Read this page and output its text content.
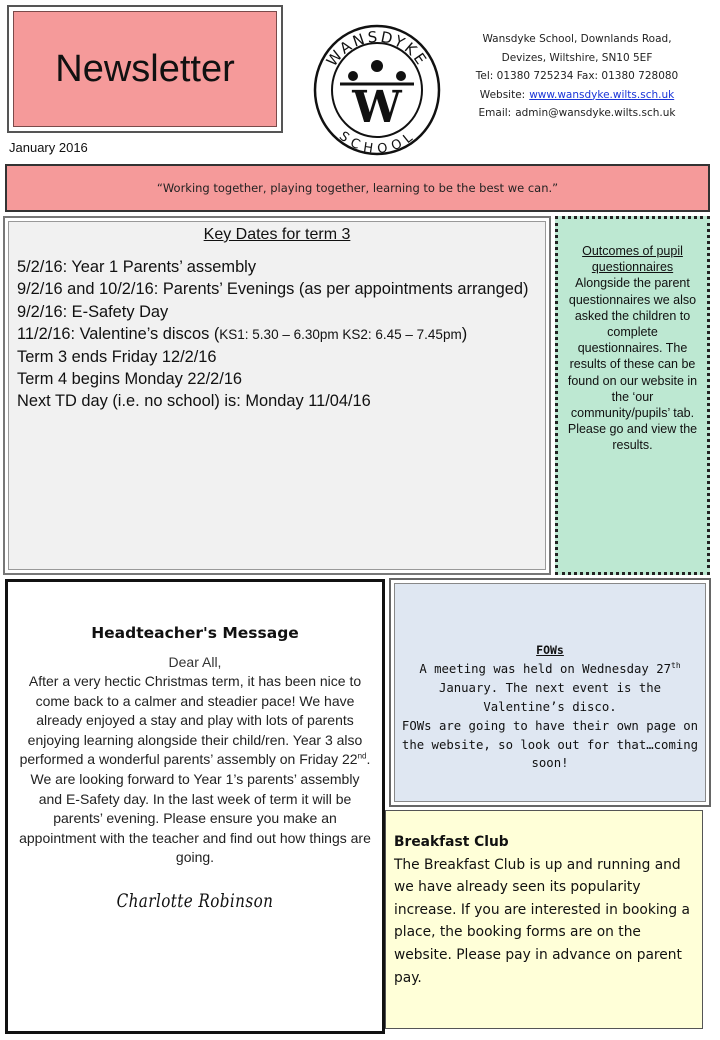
Newsletter
January 2016
WANSDYKE
SCHOOL
W
Wansdyke School, Downlands Road,
Devizes, Wiltshire, SN10 5EF
Tel: 01380 725234 Fax: 01380 728080
Website: www.wansdyke.wilts.sch.uk
Email: admin@wansdyke.wilts.sch.uk
“Working together, playing together, learning to be the best we can.”
Key Dates for term 3
5/2/16: Year 1 Parents’ assembly
9/2/16 and 10/2/16: Parents’ Evenings (as per appointments arranged)
9/2/16: E-Safety Day
11/2/16: Valentine’s discos (KS1: 5.30 – 6.30pm KS2: 6.45 – 7.45pm)
Term 3 ends Friday 12/2/16
Term 4 begins Monday 22/2/16
Next TD day (i.e. no school) is: Monday 11/04/16
Outcomes of pupil questionnaires
Alongside the parent questionnaires we also asked the children to complete questionnaires. The results of these can be found on our website in the ‘our community/pupils’ tab. Please go and view the results.
Headteacher's Message
Dear All,
After a very hectic Christmas term, it has been nice to come back to a calmer and steadier pace! We have already enjoyed a stay and play with lots of parents enjoying learning alongside their child/ren. Year 3 also performed a wonderful parents’ assembly on Friday 22nd. We are looking forward to Year 1’s parents’ assembly and E-Safety day. In the last week of term it will be parents’ evening. Please ensure you make an appointment with the teacher and find out how things are going.
Charlotte Robinson
FOWs
A meeting was held on Wednesday 27th January. The next event is the Valentine’s disco.
FOWs are going to have their own page on the website, so look out for that…coming soon!
Breakfast Club
The Breakfast Club is up and running and we have already seen its popularity increase. If you are interested in booking a place, the booking forms are on the website. Please pay in advance on parent pay.
